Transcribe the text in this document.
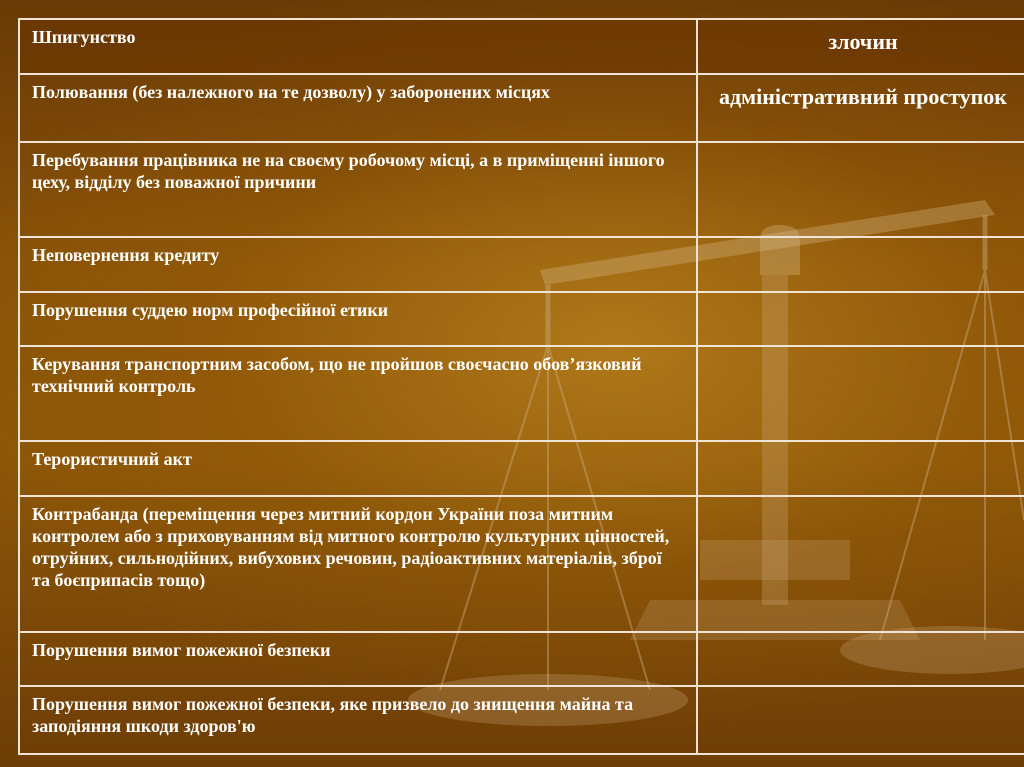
Шпигунство	злочин
Полювання (без належного на те дозволу) у заборонених місцях	адміністративний проступок
Перебування працівника не на своєму робочому місці, а в приміщенні іншого цеху, відділу без поважної причини	
Неповернення кредиту	
Порушення суддею норм професійної етики	
Керування транспортним засобом, що не пройшов своєчасно обов’язковий технічний контроль	
Терористичний акт	
Контрабанда (переміщення через митний кордон України поза митним контролем або з приховуванням від митного контролю культурних цінностей, отруйних, сильнодійних, вибухових речовин, радіоактивних матеріалів, зброї та боєприпасів тощо)	
Порушення вимог пожежної безпеки	
Порушення вимог пожежної безпеки, яке призвело до знищення майна та заподіяння шкоди здоров'ю	
